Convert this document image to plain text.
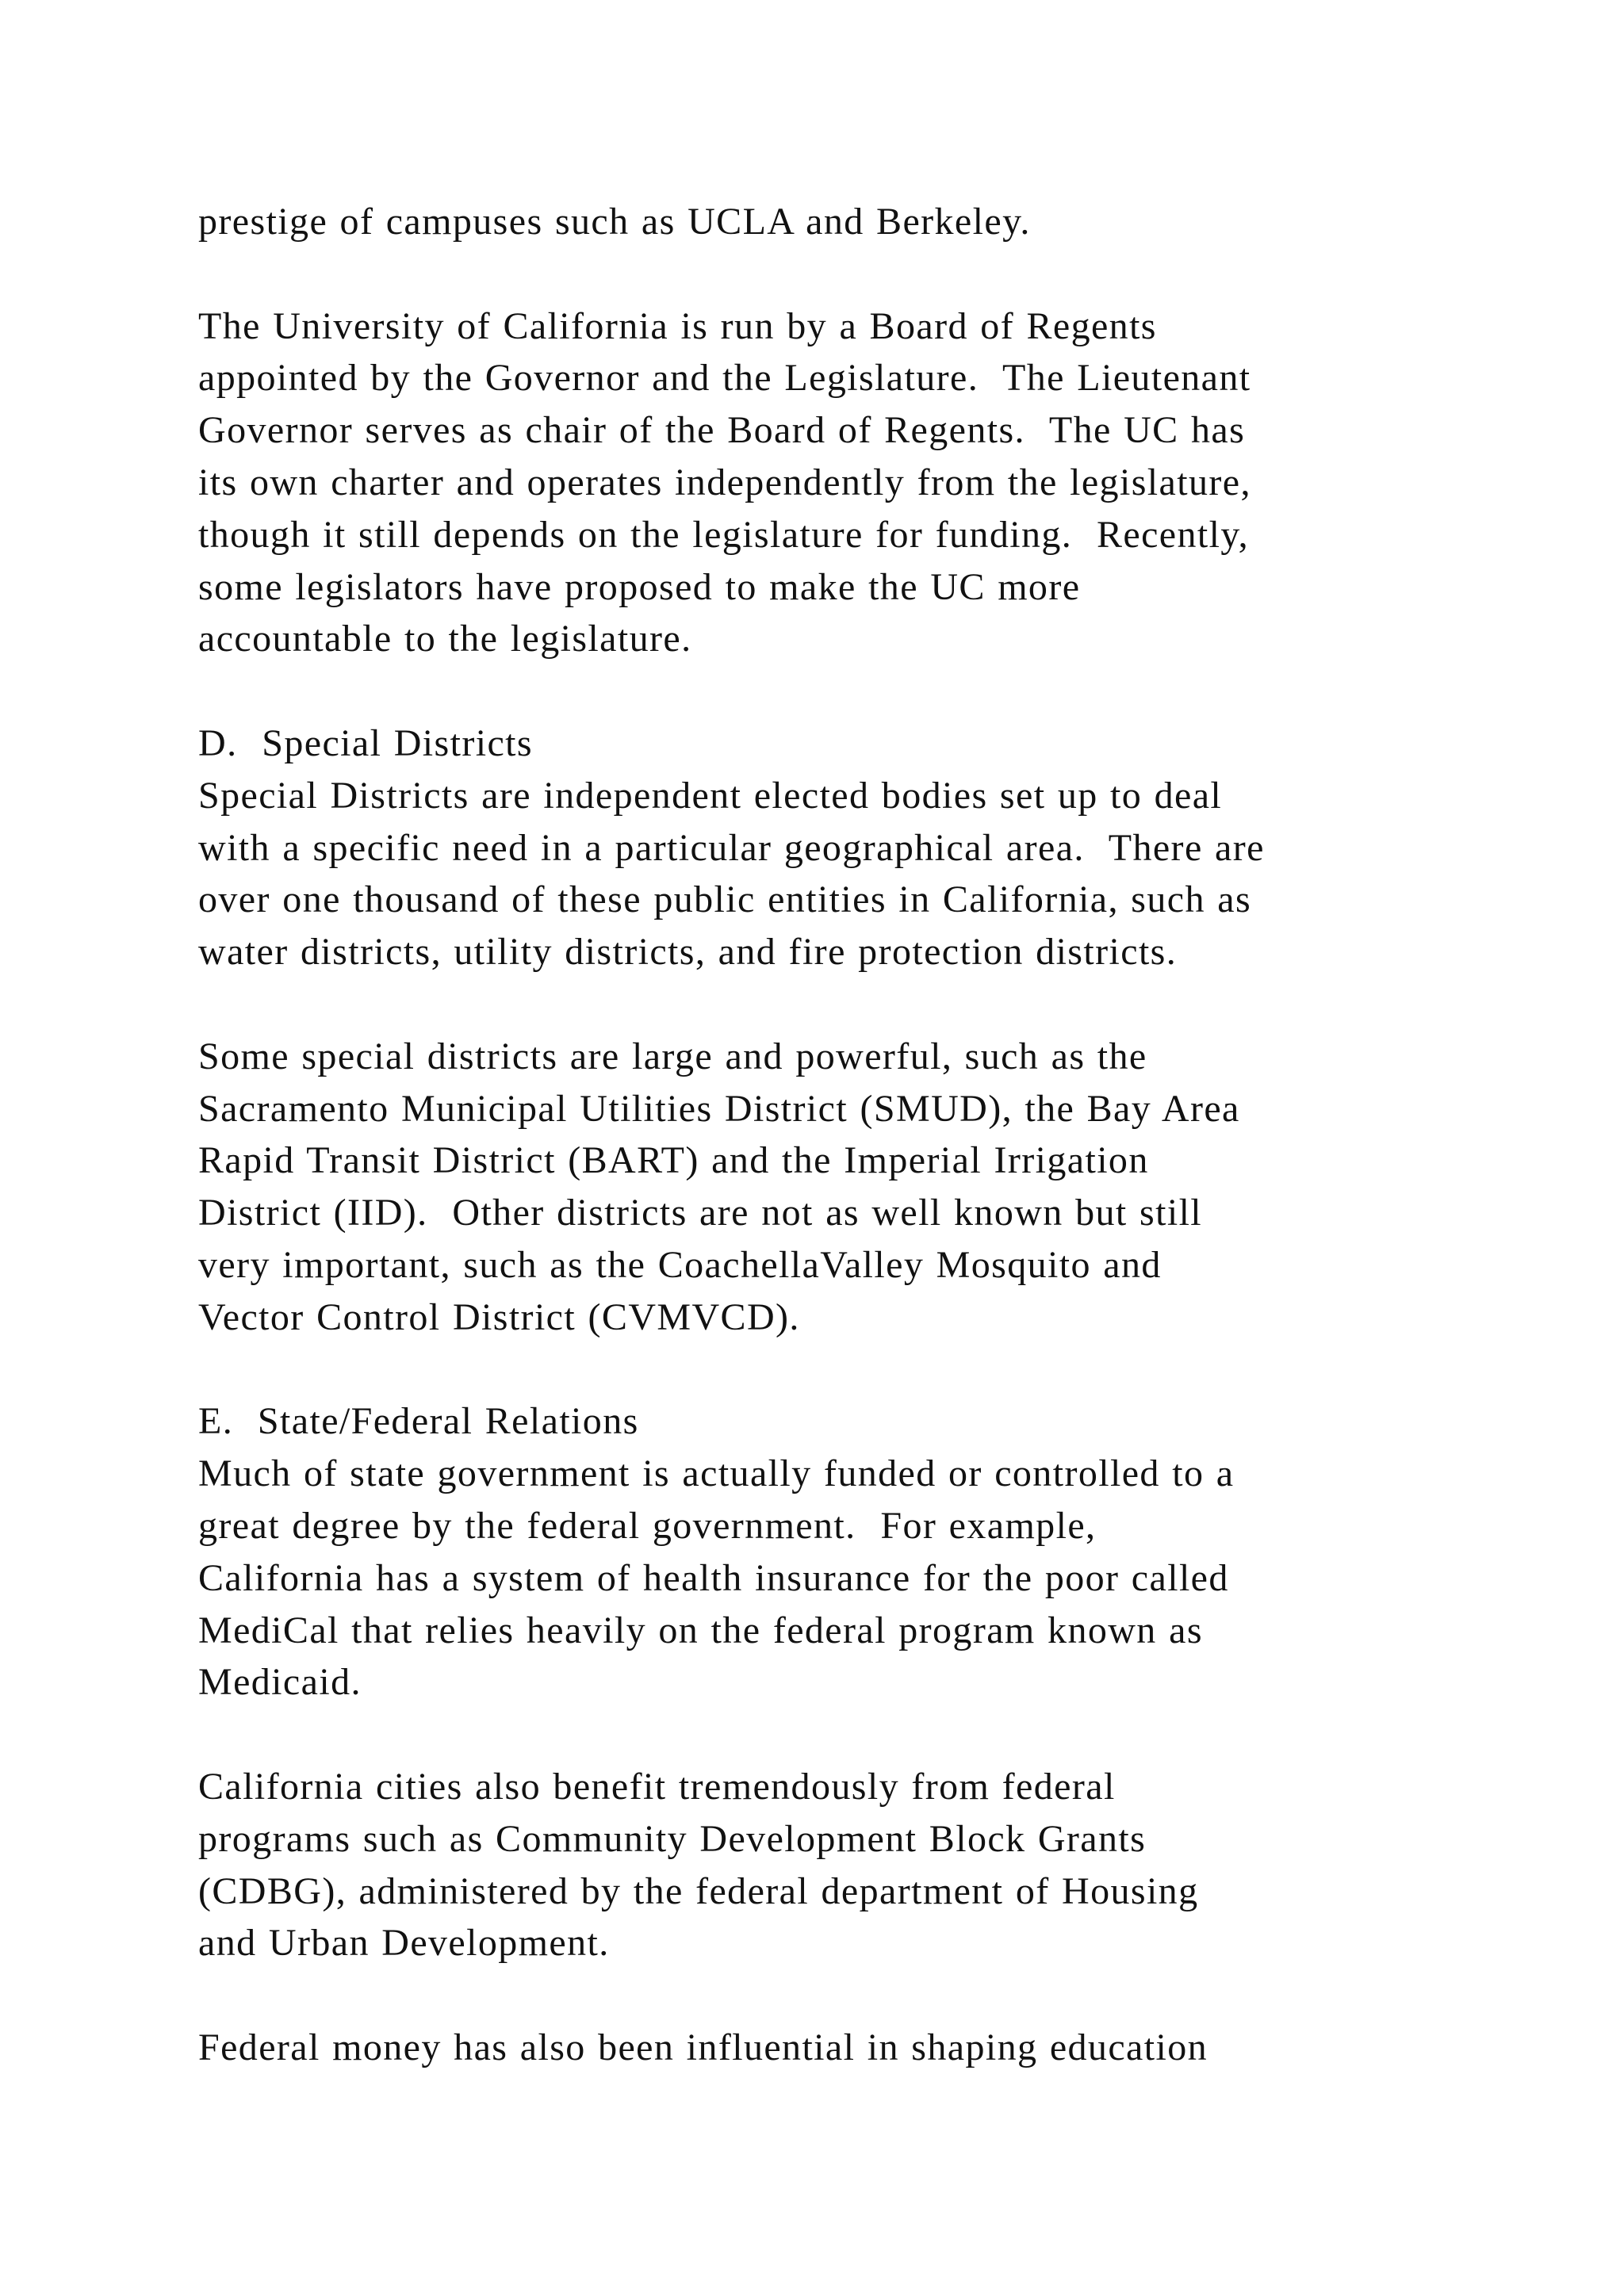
prestige of campuses such as UCLA and Berkeley.
The University of California is run by a Board of Regents
appointed by the Governor and the Legislature.  The Lieutenant
Governor serves as chair of the Board of Regents.  The UC has
its own charter and operates independently from the legislature,
though it still depends on the legislature for funding.  Recently,
some legislators have proposed to make the UC more
accountable to the legislature.
D.  Special Districts
Special Districts are independent elected bodies set up to deal
with a specific need in a particular geographical area.  There are
over one thousand of these public entities in California, such as
water districts, utility districts, and fire protection districts.
Some special districts are large and powerful, such as the
Sacramento Municipal Utilities District (SMUD), the Bay Area
Rapid Transit District (BART) and the Imperial Irrigation
District (IID).  Other districts are not as well known but still
very important, such as the CoachellaValley Mosquito and
Vector Control District (CVMVCD).
E.  State/Federal Relations
Much of state government is actually funded or controlled to a
great degree by the federal government.  For example,
California has a system of health insurance for the poor called
MediCal that relies heavily on the federal program known as
Medicaid.
California cities also benefit tremendously from federal
programs such as Community Development Block Grants
(CDBG), administered by the federal department of Housing
and Urban Development.
Federal money has also been influential in shaping education
